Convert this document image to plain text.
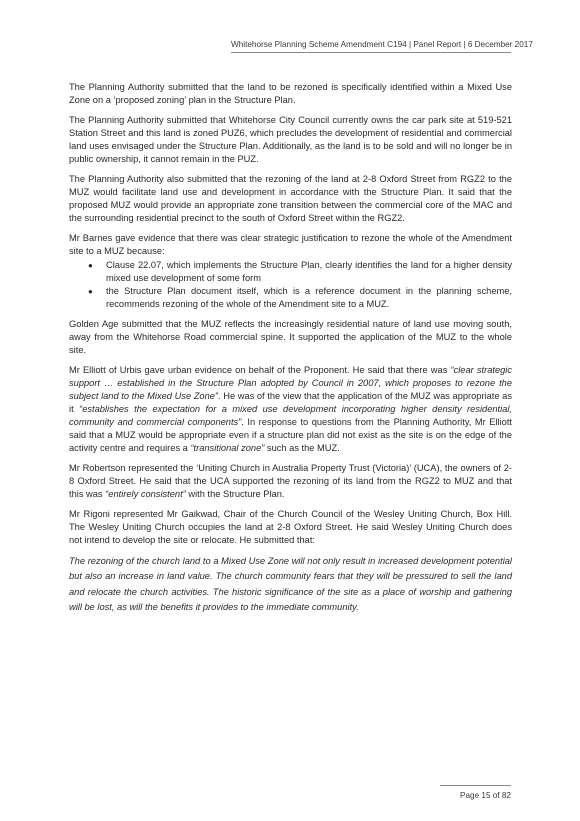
Whitehorse Planning Scheme Amendment C194 | Panel Report | 6 December 2017

The Planning Authority submitted that the land to be rezoned is specifically identified within a Mixed Use Zone on a ‘proposed zoning’ plan in the Structure Plan.

The Planning Authority submitted that Whitehorse City Council currently owns the car park site at 519-521 Station Street and this land is zoned PUZ6, which precludes the development of residential and commercial land uses envisaged under the Structure Plan. Additionally, as the land is to be sold and will no longer be in public ownership, it cannot remain in the PUZ.

The Planning Authority also submitted that the rezoning of the land at 2-8 Oxford Street from RGZ2 to the MUZ would facilitate land use and development in accordance with the Structure Plan. It said that the proposed MUZ would provide an appropriate zone transition between the commercial core of the MAC and the surrounding residential precinct to the south of Oxford Street within the RGZ2.

Mr Barnes gave evidence that there was clear strategic justification to rezone the whole of the Amendment site to a MUZ because:

● Clause 22.07, which implements the Structure Plan, clearly identifies the land for a higher density mixed use development of some form
● the Structure Plan document itself, which is a reference document in the planning scheme, recommends rezoning of the whole of the Amendment site to a MUZ.

Golden Age submitted that the MUZ reflects the increasingly residential nature of land use moving south, away from the Whitehorse Road commercial spine. It supported the application of the MUZ to the whole site.

Mr Elliott of Urbis gave urban evidence on behalf of the Proponent. He said that there was “clear strategic support … established in the Structure Plan adopted by Council in 2007, which proposes to rezone the subject land to the Mixed Use Zone”. He was of the view that the application of the MUZ was appropriate as it “establishes the expectation for a mixed use development incorporating higher density residential, community and commercial components”. In response to questions from the Planning Authority, Mr Elliott said that a MUZ would be appropriate even if a structure plan did not exist as the site is on the edge of the activity centre and requires a “transitional zone” such as the MUZ.

Mr Robertson represented the ‘Uniting Church in Australia Property Trust (Victoria)’ (UCA), the owners of 2-8 Oxford Street. He said that the UCA supported the rezoning of its land from the RGZ2 to MUZ and that this was “entirely consistent” with the Structure Plan.

Mr Rigoni represented Mr Gaikwad, Chair of the Church Council of the Wesley Uniting Church, Box Hill. The Wesley Uniting Church occupies the land at 2-8 Oxford Street. He said Wesley Uniting Church does not intend to develop the site or relocate. He submitted that:

The rezoning of the church land to a Mixed Use Zone will not only result in increased development potential but also an increase in land value. The church community fears that they will be pressured to sell the land and relocate the church activities. The historic significance of the site as a place of worship and gathering will be lost, as will the benefits it provides to the immediate community.

Page 15 of 82
